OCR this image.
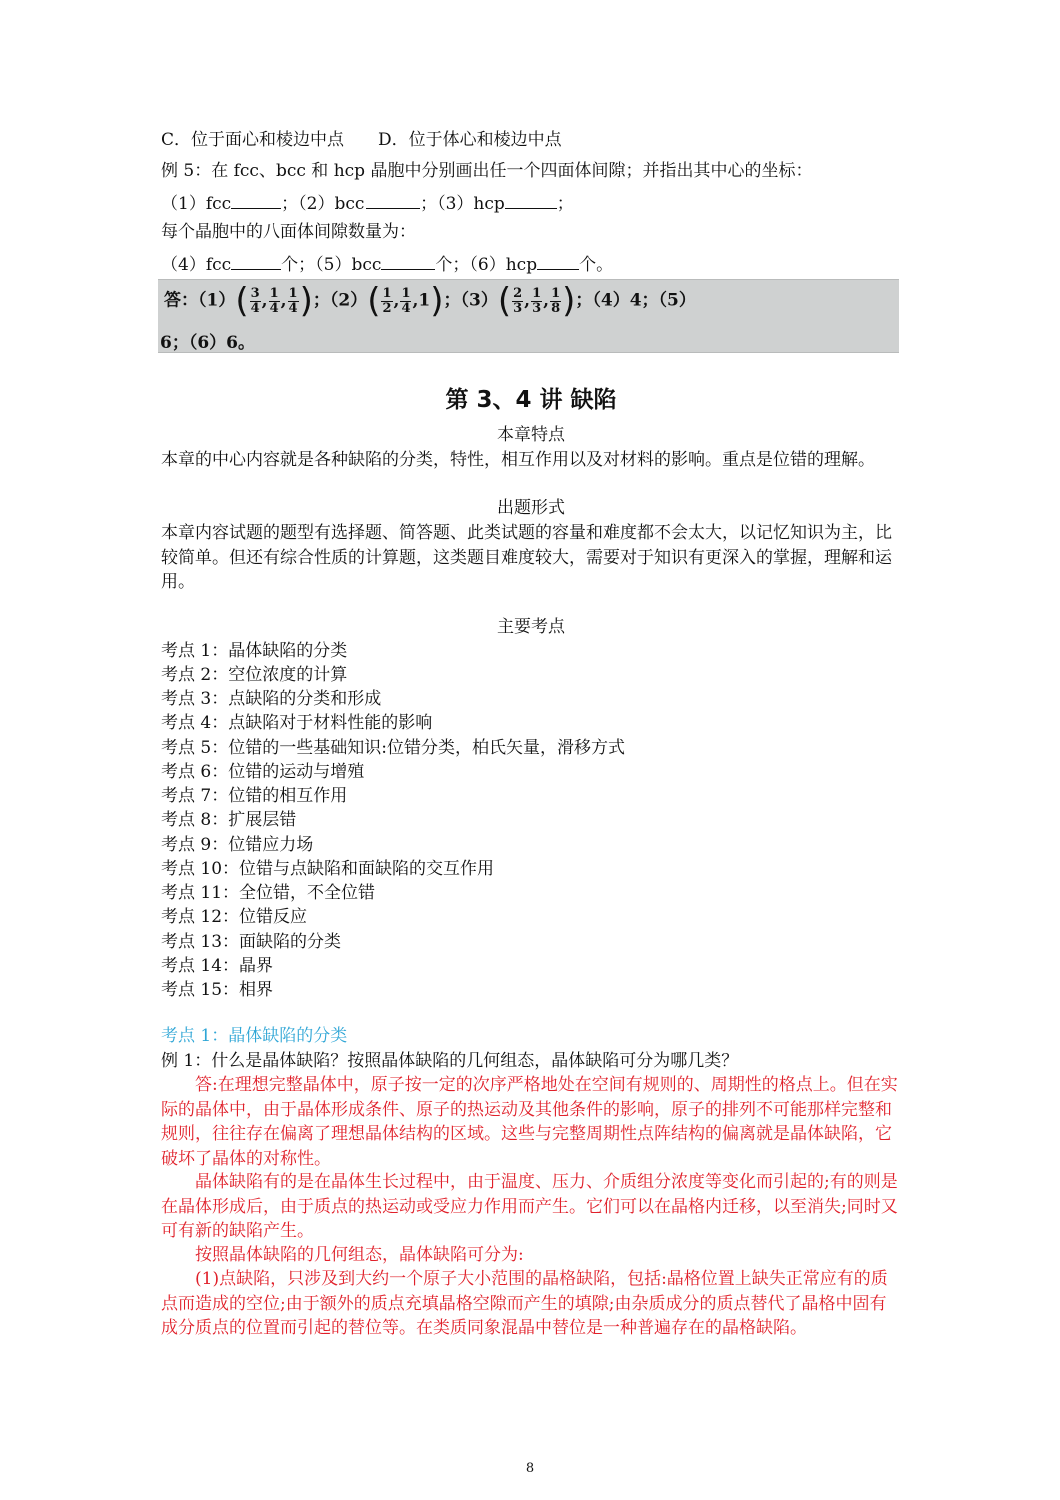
C．位于面心和棱边中点　　D．位于体心和棱边中点
例 5：在 fcc、bcc 和 hcp 晶胞中分别画出任一个四面体间隙；并指出其中心的坐标：
（1）fcc	；（2）bcc 	；（3）hcp	；
每个晶胞中的八面体间隙数量为：
（4）fcc	个；（5）bcc	个；（6）hcp 个。
答：$(1)( \frac{3}{4}$ , $\frac{1}{4}$ , $\frac{1}{4}$ )；$(2)( \frac{1}{2}$ , $\frac{1}{4} ,1$)；$(3)( \frac{2}{3}$ , $\frac{1}{3}$ , $\frac{1}{8}$ )；（4）4；（5）
6；（6）6。
第 3、4 讲 缺陷
本章特点
本章的中心内容就是各种缺陷的分类，特性，相互作用以及对材料的影响。重点是位错的理解。
出题形式
本章内容试题的题型有选择题、简答题、此类试题的容量和难度都不会太大，以记忆知识为主，比较简单。但还有综合性质的计算题，这类题目难度较大，需要对于知识有更深入的掌握，理解和运用。
主要考点
考点 1：晶体缺陷的分类
考点 2：空位浓度的计算
考点 3：点缺陷的分类和形成
考点 4：点缺陷对于材料性能的影响
考点 5：位错的一些基础知识:位错分类，柏氏矢量，滑移方式
考点 6：位错的运动与增殖
考点 7：位错的相互作用
考点 8：扩展层错
考点 9：位错应力场
考点 10：位错与点缺陷和面缺陷的交互作用
考点 11：全位错，不全位错
考点 12：位错反应
考点 13：面缺陷的分类
考点 14：晶界
考点 15：相界
考点 1：晶体缺陷的分类
例 1：什么是晶体缺陷？按照晶体缺陷的几何组态，晶体缺陷可分为哪几类？
答:在理想完整晶体中，原子按一定的次序严格地处在空间有规则的、周期性的格点上。但在实际的晶体中，由于晶体形成条件、原子的热运动及其他条件的影响，原子的排列不可能那样完整和规则，往往存在偏离了理想晶体结构的区域。这些与完整周期性点阵结构的偏离就是晶体缺陷，它破坏了晶体的对称性。
晶体缺陷有的是在晶体生长过程中，由于温度、压力、介质组分浓度等变化而引起的;有的则是在晶体形成后，由于质点的热运动或受应力作用而产生。它们可以在晶格内迁移，以至消失;同时又可有新的缺陷产生。
按照晶体缺陷的几何组态，晶体缺陷可分为:
(1)点缺陷，只涉及到大约一个原子大小范围的晶格缺陷，包括:晶格位置上缺失正常应有的质点而造成的空位;由于额外的质点充填晶格空隙而产生的填隙;由杂质成分的质点替代了晶格中固有成分质点的位置而引起的替位等。在类质同象混晶中替位是一种普遍存在的晶格缺陷。
8
